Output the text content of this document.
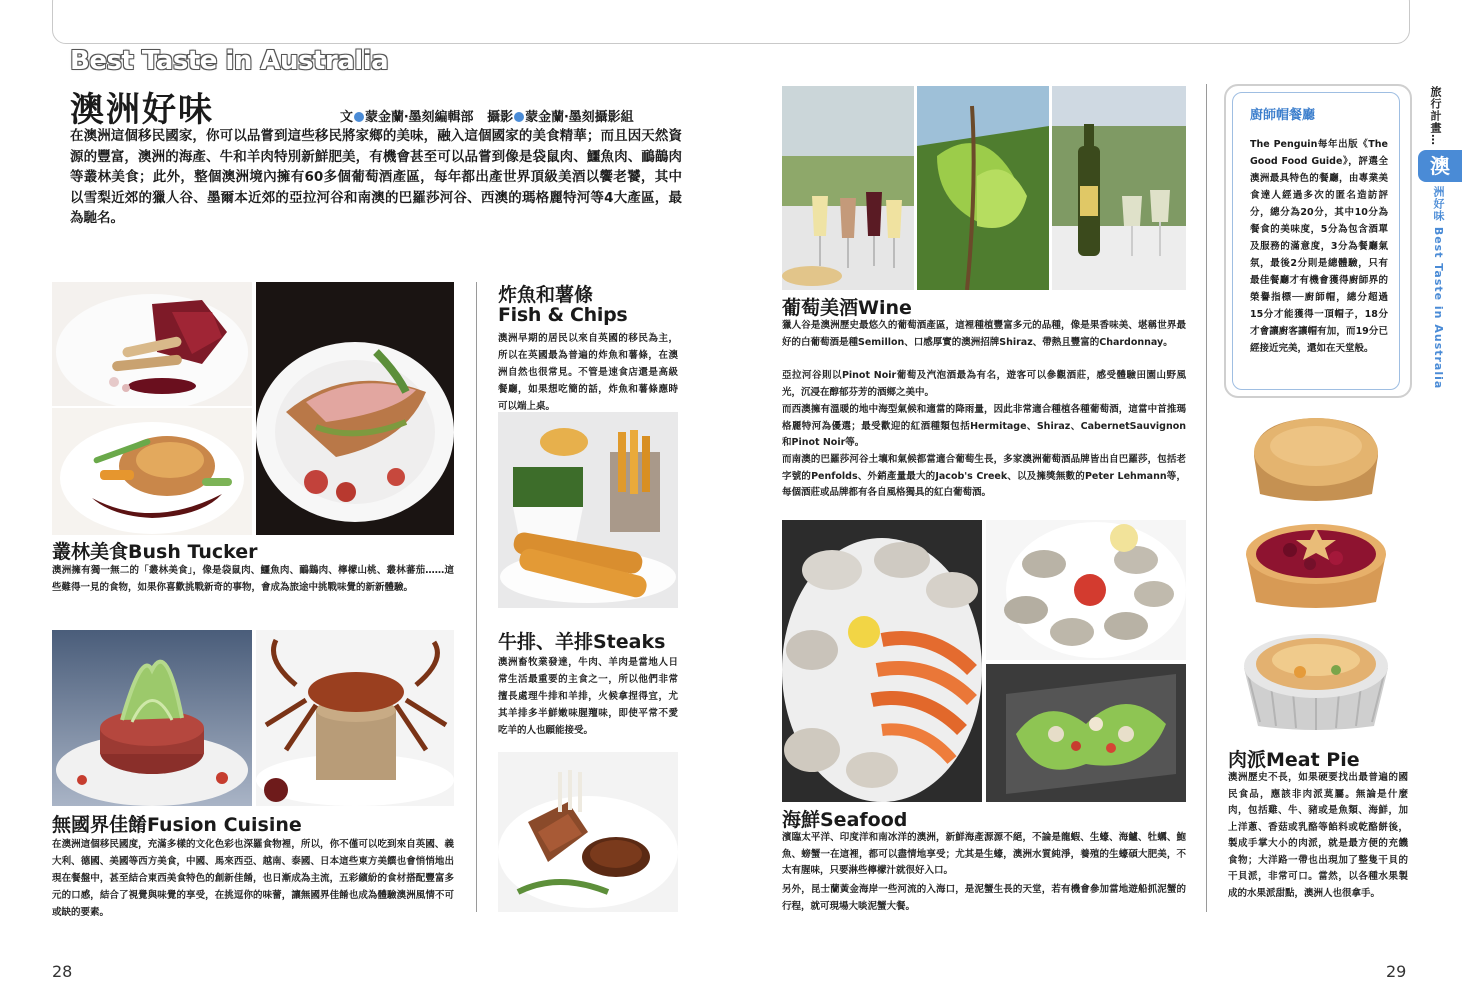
Best Taste in Australia
澳洲好味	文 蒙金蘭‧墨刻編輯部 攝影 蒙金蘭‧墨刻攝影組
在澳洲這個移民國家，你可以品嘗到這些移民將家鄉的美味，融入這個國家的美食精華；而且因天然資源的豐富，澳洲的海產、牛和羊肉特別新鮮肥美，有機會甚至可以品嘗到像是袋鼠肉、鱷魚肉、鴯鶓肉等叢林美食；此外，整個澳洲境內擁有60多個葡萄酒產區，每年都出產世界頂級美酒以饗老饕，其中以雪梨近郊的獵人谷、墨爾本近郊的亞拉河谷和南澳的巴羅莎河谷、西澳的瑪格麗特河等4大產區，最為馳名。
叢林美食Bush Tucker
澳洲擁有獨一無二的「叢林美食」，像是袋鼠肉、鱷魚肉、鴯鶓肉、檸檬山桃、叢林蕃茄……這些難得一見的食物，如果你喜歡挑戰新奇的事物，會成為旅途中挑戰味覺的新新體驗。
無國界佳餚Fusion Cuisine
在澳洲這個移民國度，充滿多樣的文化色彩也深羅食物裡，所以，你不僅可以吃到來自英國、義大利、德國、美國等西方美食，中國、馬來西亞、越南、泰國、日本這些東方美饌也會悄悄地出現在餐盤中，甚至結合東西美食特色的創新佳餚，也日漸成為主流，五彩繽紛的食材搭配豐富多元的口感，結合了視覺與味覺的享受，在挑逗你的味蕾，讓無國界佳餚也成為體驗澳洲風情不可或缺的要素。
炸魚和薯條
Fish & Chips
澳洲早期的居民以來自英國的移民為主，所以在英國最為普遍的炸魚和薯條，在澳洲自然也很常見。不管是速食店還是高級餐廳，如果想吃簡的話，炸魚和薯條應時可以端上桌。
牛排、羊排Steaks
澳洲畜牧業發達，牛肉、羊肉是當地人日常生活最重要的主食之一，所以他們非常擅長處理牛排和羊排，火候拿捏得宜，尤其羊排多半鮮嫩味腥羶味，即使平常不愛吃羊的人也願能接受。
28
葡萄美酒Wine
獵人谷是澳洲歷史最悠久的葡萄酒產區，這裡種植豐富多元的品種，像是果香味美、堪稱世界最好的白葡萄酒是種Semillon、口感厚實的澳洲招牌Shiraz、帶熱且豐富的Chardonnay。
亞拉河谷則以Pinot Noir葡萄及汽泡酒最為有名，遊客可以參觀酒莊，感受體驗田園山野風光，沉浸在醇郁芬芳的酒鄉之美中。
而西澳擁有溫暖的地中海型氣候和適當的降雨量，因此非常適合種植各種葡萄酒，這當中首推瑪格麗特河為優選；最受歡迎的紅酒種類包括Hermitage、Shiraz、CabernetSauvignon和Pinot Noir等。
而南澳的巴羅莎河谷土壤和氣候都當適合葡萄生長，多家澳洲葡萄酒品牌皆出自巴羅莎，包括老字號的Penfolds、外銷產量最大的Jacob's Creek、以及擁獎無數的Peter Lehmann等，每個酒莊或品牌都有各自風格獨具的紅白葡萄酒。
海鮮Seafood
濱臨太平洋、印度洋和南冰洋的澳洲，新鮮海產源源不絕，不論是龍蝦、生蠔、海鱸、牡蠣、鮑魚、螃蟹一在這裡，都可以盡情地享受；尤其是生蠔，澳洲水質純淨，養殖的生蠔碩大肥美，不太有腥味，只要淋些檸檬汁就很好入口。
另外，昆士蘭黃金海岸一些河流的入海口，是泥蟹生長的天堂，若有機會參加當地遊船抓泥蟹的行程，就可現場大啖泥蟹大餐。
廚師帽餐廳
The Penguin每年出版《The Good Food Guide》，評選全澳洲最具特色的餐廳，由專業美食達人經過多次的匿名造訪評分，總分為20分，其中10分為餐食的美味度，5分為包含酒單及服務的滿意度，3分為餐廳氣氛，最後2分則是總體驗，只有最佳餐廳才有機會獲得廚師界的榮譽指標──廚師帽，總分超過15分才能獲得一頂帽子，18分才會讓廚客讓帽有加，而19分已經接近完美，還如在天堂般。
肉派Meat Pie
澳洲歷史不長，如果硬要找出最普遍的國民食品，應該非肉派莫屬。無論是什麼肉，包括雞、牛、豬或是魚類、海鮮，加上洋蔥、香菇或乳酪等餡料或乾酪餅後，製成手掌大小的肉派，就是最方便的充饑食物；大洋路一帶也出現加了整隻干貝的干貝派，非常可口。當然，以各種水果製成的水果派甜點，澳洲人也很拿手。
旅行計畫…
澳
洲好味 Best Taste in Australia
29
